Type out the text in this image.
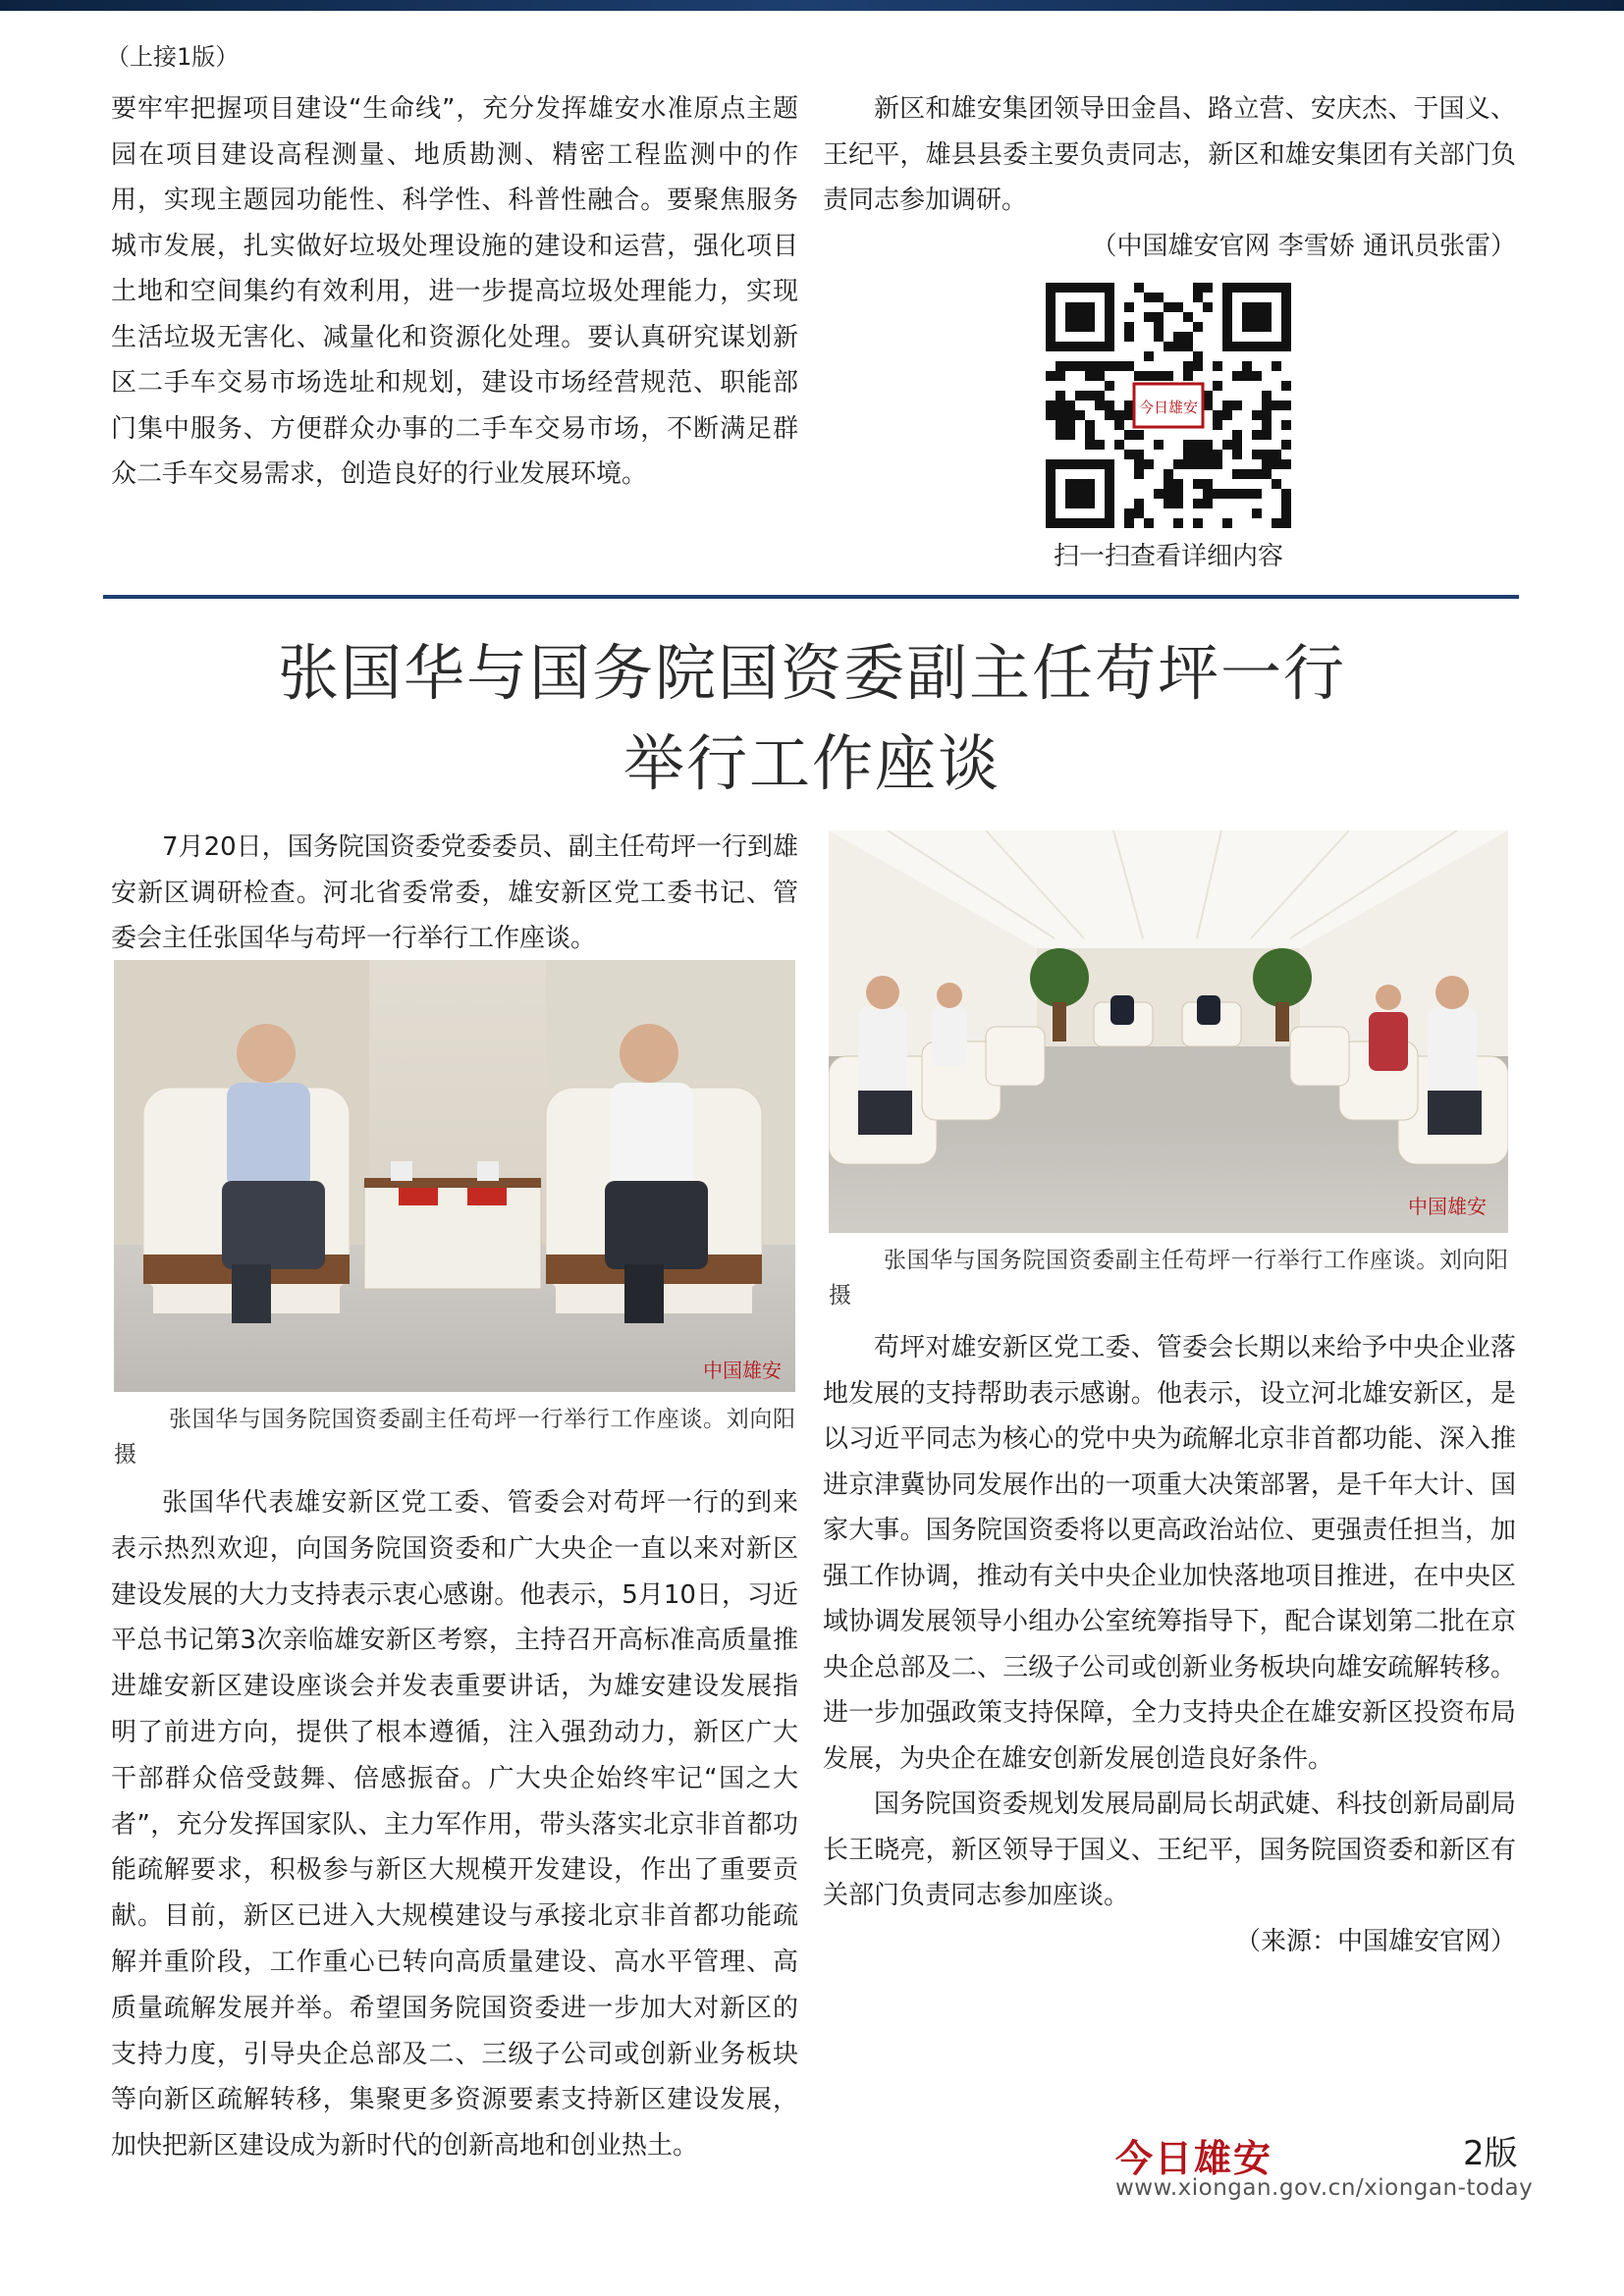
（上接1版）

要牢牢把握项目建设“生命线”，充分发挥雄安水准原点主题园在项目建设高程测量、地质勘测、精密工程监测中的作用，实现主题园功能性、科学性、科普性融合。要聚焦服务城市发展，扎实做好垃圾处理设施的建设和运营，强化项目土地和空间集约有效利用，进一步提高垃圾处理能力，实现生活垃圾无害化、减量化和资源化处理。要认真研究谋划新区二手车交易市场选址和规划，建设市场经营规范、职能部门集中服务、方便群众办事的二手车交易市场，不断满足群众二手车交易需求，创造良好的行业发展环境。

新区和雄安集团领导田金昌、路立营、安庆杰、于国义、王纪平，雄县县委主要负责同志，新区和雄安集团有关部门负责同志参加调研。

（中国雄安官网 李雪娇 通讯员张雷）

今日雄安
扫一扫查看详细内容
张国华与国务院国资委副主任苟坪一行
举行工作座谈

7月20日，国务院国资委党委委员、副主任苟坪一行到雄安新区调研检查。河北省委常委，雄安新区党工委书记、管委会主任张国华与苟坪一行举行工作座谈。

中国雄安
张国华与国务院国资委副主任苟坪一行举行工作座谈。刘向阳 摄
中国雄安
张国华与国务院国资委副主任苟坪一行举行工作座谈。刘向阳 摄

张国华代表雄安新区党工委、管委会对苟坪一行的到来表示热烈欢迎，向国务院国资委和广大央企一直以来对新区建设发展的大力支持表示衷心感谢。他表示，5月10日，习近平总书记第3次亲临雄安新区考察，主持召开高标准高质量推进雄安新区建设座谈会并发表重要讲话，为雄安建设发展指明了前进方向，提供了根本遵循，注入强劲动力，新区广大干部群众倍受鼓舞、倍感振奋。广大央企始终牢记“国之大者”，充分发挥国家队、主力军作用，带头落实北京非首都功能疏解要求，积极参与新区大规模开发建设，作出了重要贡献。目前，新区已进入大规模建设与承接北京非首都功能疏解并重阶段，工作重心已转向高质量建设、高水平管理、高质量疏解发展并举。希望国务院国资委进一步加大对新区的支持力度，引导央企总部及二、三级子公司或创新业务板块等向新区疏解转移，集聚更多资源要素支持新区建设发展，加快把新区建设成为新时代的创新高地和创业热土。

苟坪对雄安新区党工委、管委会长期以来给予中央企业落地发展的支持帮助表示感谢。他表示，设立河北雄安新区，是以习近平同志为核心的党中央为疏解北京非首都功能、深入推进京津冀协同发展作出的一项重大决策部署，是千年大计、国家大事。国务院国资委将以更高政治站位、更强责任担当，加强工作协调，推动有关中央企业加快落地项目推进，在中央区域协调发展领导小组办公室统筹指导下，配合谋划第二批在京央企总部及二、三级子公司或创新业务板块向雄安疏解转移。进一步加强政策支持保障，全力支持央企在雄安新区投资布局发展，为央企在雄安创新发展创造良好条件。

国务院国资委规划发展局副局长胡武婕、科技创新局副局长王晓亮，新区领导于国义、王纪平，国务院国资委和新区有关部门负责同志参加座谈。

（来源：中国雄安官网）

今日雄安	2版
www.xiongan.gov.cn/xiongan-today
